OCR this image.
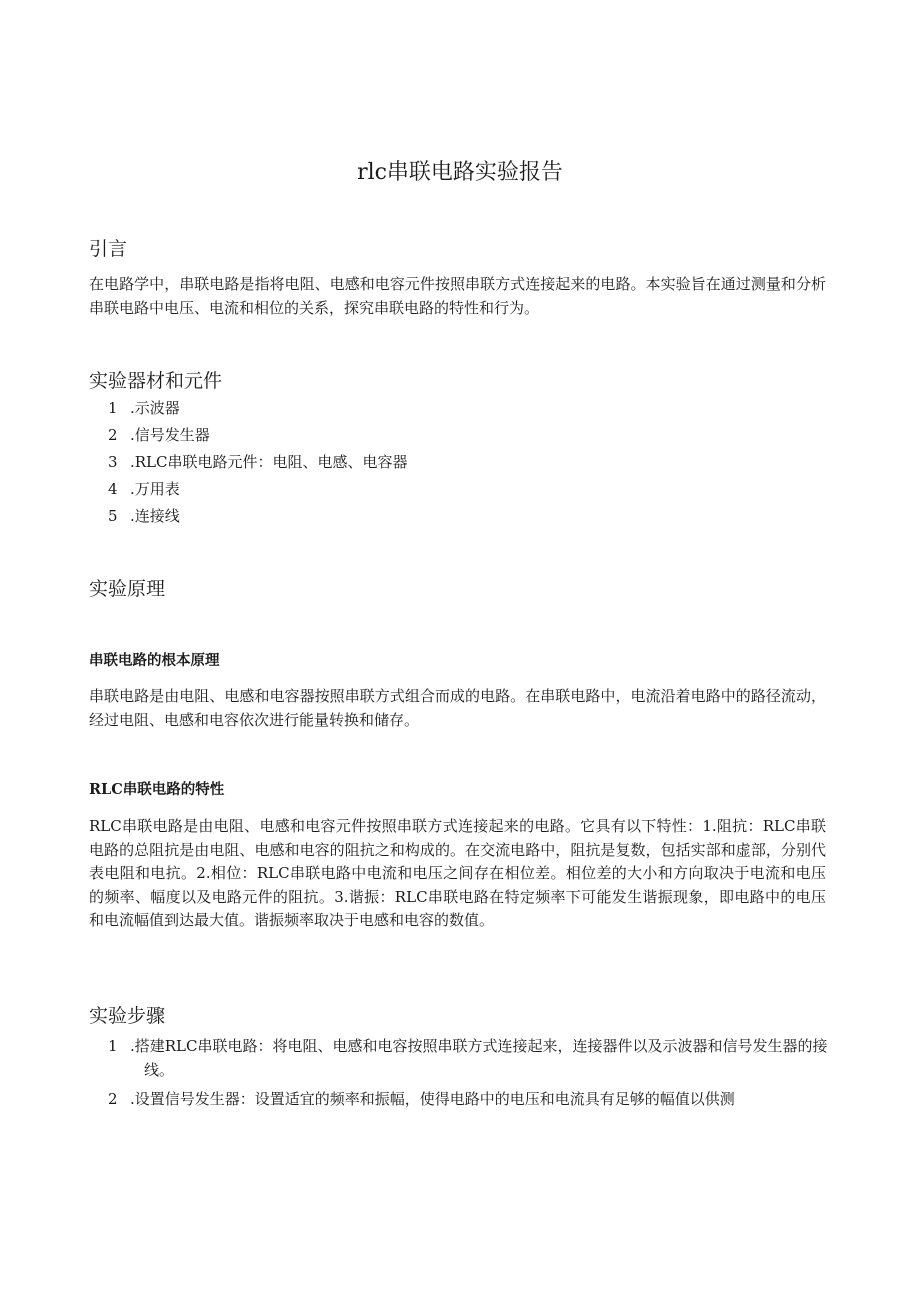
rlc串联电路实验报告
引言
在电路学中，串联电路是指将电阻、电感和电容元件按照串联方式连接起来的电路。本实验旨在通过测量和分析串联电路中电压、电流和相位的关系，探究串联电路的特性和行为。
实验器材和元件
1 .示波器
2 .信号发生器
3 .RLC串联电路元件：电阻、电感、电容器
4 .万用表
5 .连接线
实验原理
串联电路的根本原理
串联电路是由电阻、电感和电容器按照串联方式组合而成的电路。在串联电路中，电流沿着电路中的路径流动，经过电阻、电感和电容依次进行能量转换和储存。
RLC串联电路的特性
RLC串联电路是由电阻、电感和电容元件按照串联方式连接起来的电路。它具有以下特性：1.阻抗：RLC串联电路的总阻抗是由电阻、电感和电容的阻抗之和构成的。在交流电路中，阻抗是复数，包括实部和虚部，分别代表电阻和电抗。2.相位：RLC串联电路中电流和电压之间存在相位差。相位差的大小和方向取决于电流和电压的频率、幅度以及电路元件的阻抗。3.谐振：RLC串联电路在特定频率下可能发生谐振现象，即电路中的电压和电流幅值到达最大值。谐振频率取决于电感和电容的数值。
实验步骤
1 .搭建RLC串联电路：将电阻、电感和电容按照串联方式连接起来，连接器件以及示波器和信号发生器的接线。
2 .设置信号发生器：设置适宜的频率和振幅，使得电路中的电压和电流具有足够的幅值以供测
